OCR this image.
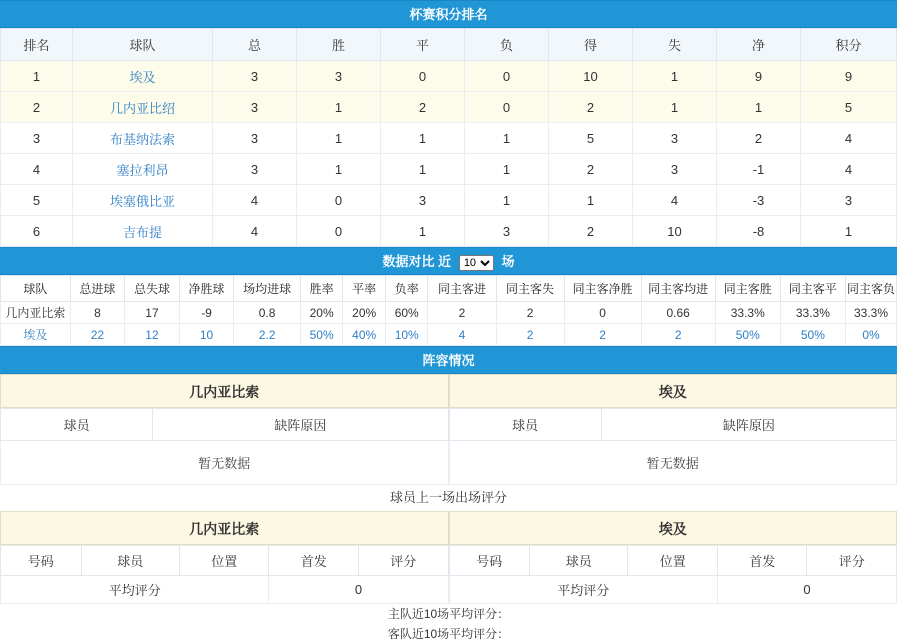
杯赛积分排名
排名	球队	总	胜	平	负	得	失	净	积分
1	埃及	3	3	0	0	10	1	9	9
2	几内亚比绍	3	1	2	0	2	1	1	5
3	布基纳法索	3	1	1	1	5	3	2	4
4	塞拉利昂	3	1	1	1	2	3	-1	4
5	埃塞俄比亚	4	0	3	1	1	4	-3	3
6	吉布提	4	0	1	3	2	10	-8	1
数据对比 近
10	场
球队	总进球	总失球	净胜球	场均进球	胜率	平率	负率	同主客进	同主客失	同主客净胜	同主客均进	同主客胜	同主客平	同主客负
几内亚比索	8	17	-9	0.8	20%	20%	60%	2	2	0	0.66	33.3%	33.3%	33.3%
埃及	22	12	10	2.2	50%	40%	10%	4	2	2	2	50%	50%	0%
阵容情况
几内亚比索
球员	缺阵原因
暂无数据
埃及
球员	缺阵原因
暂无数据
球员上一场出场评分
几内亚比索
号码	球员	位置	首发	评分
平均评分			0	
埃及
号码	球员	位置	首发	评分
平均评分			0	
主队近10场平均评分：
客队近10场平均评分：
